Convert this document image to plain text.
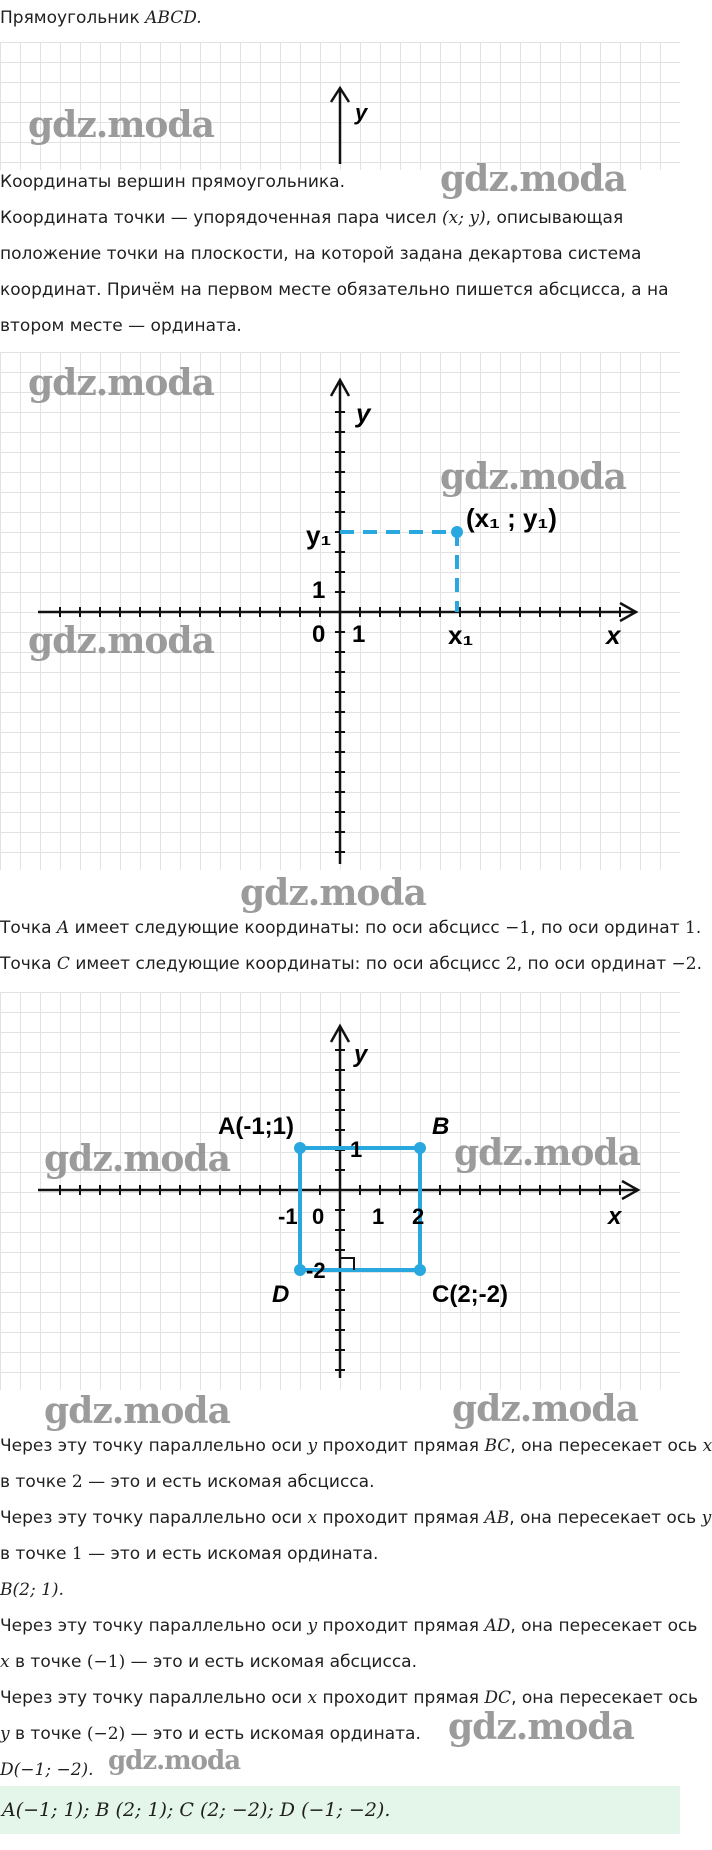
Прямоугольник ABCD.

y
gdz.moda

Координаты вершин прямоугольника.	gdz.moda

Координата точки — упорядоченная пара чисел (x; y), описывающая

положение точки на плоскости, на которой задана декартова система

координат. Причём на первом месте обязательно пишется абсцисса, а на

втором месте — ордината.

(x₁ ; y₁)
y₁
1
0 1	x₁	x
y
gdz.moda
gdz.moda
gdz.moda
gdz.moda

Точка A имеет следующие координаты: по оси абсцисс −1, по оси ординат 1.

Точка C имеет следующие координаты: по оси абсцисс 2, по оси ординат −2.

A(-1;1)	B
C(2;-2)
D
1
-1 0 1 2
-2
x
y
gdz.moda	gdz.moda
gdz.moda	gdz.moda

Через эту точку параллельно оси y проходит прямая BC, она пересекает ось x

в точке 2 — это и есть искомая абсцисса.

Через эту точку параллельно оси x проходит прямая AB, она пересекает ось y

в точке 1 — это и есть искомая ордината.

B(2; 1).

Через эту точку параллельно оси y проходит прямая AD, она пересекает ось

x в точке (−1) — это и есть искомая абсцисса.

Через эту точку параллельно оси x проходит прямая DC, она пересекает ось

y в точке (−2) — это и есть искомая ордината. gdz.moda

D(−1; −2). gdz.moda
A(−1; 1); B (2; 1); C (2; −2); D (−1; −2).
